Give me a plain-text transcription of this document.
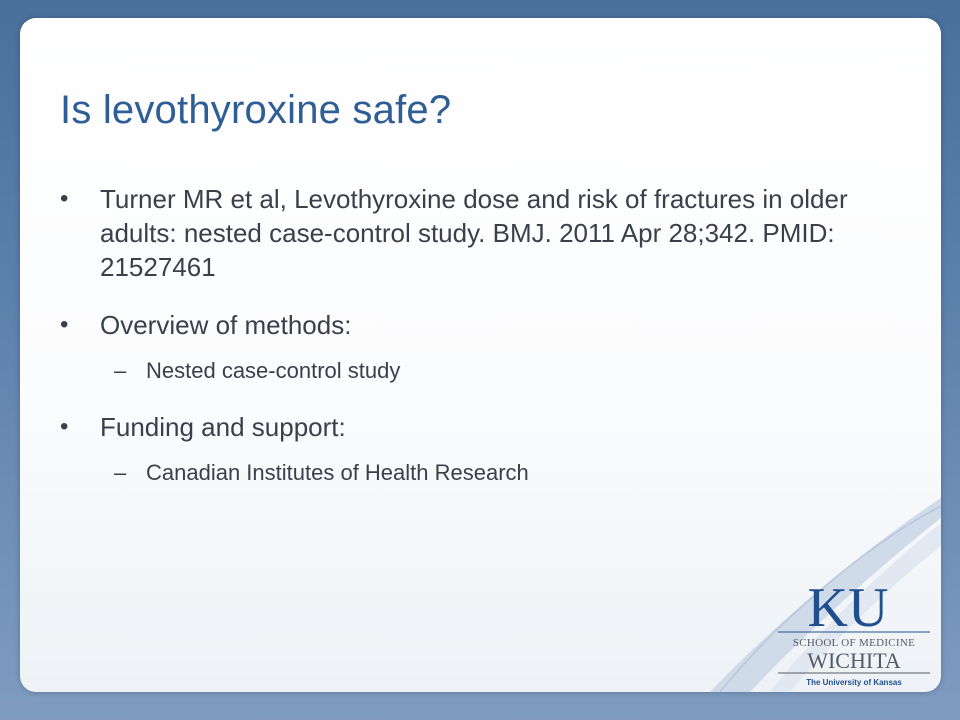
Is levothyroxine safe?
• Turner MR et al, Levothyroxine dose and risk of fractures in older adults: nested case-control study. BMJ. 2011 Apr 28;342. PMID: 21527461
• Overview of methods:
– Nested case-control study
• Funding and support:
– Canadian Institutes of Health Research
KU
SCHOOL OF MEDICINE
WICHITA
The University of Kansas
